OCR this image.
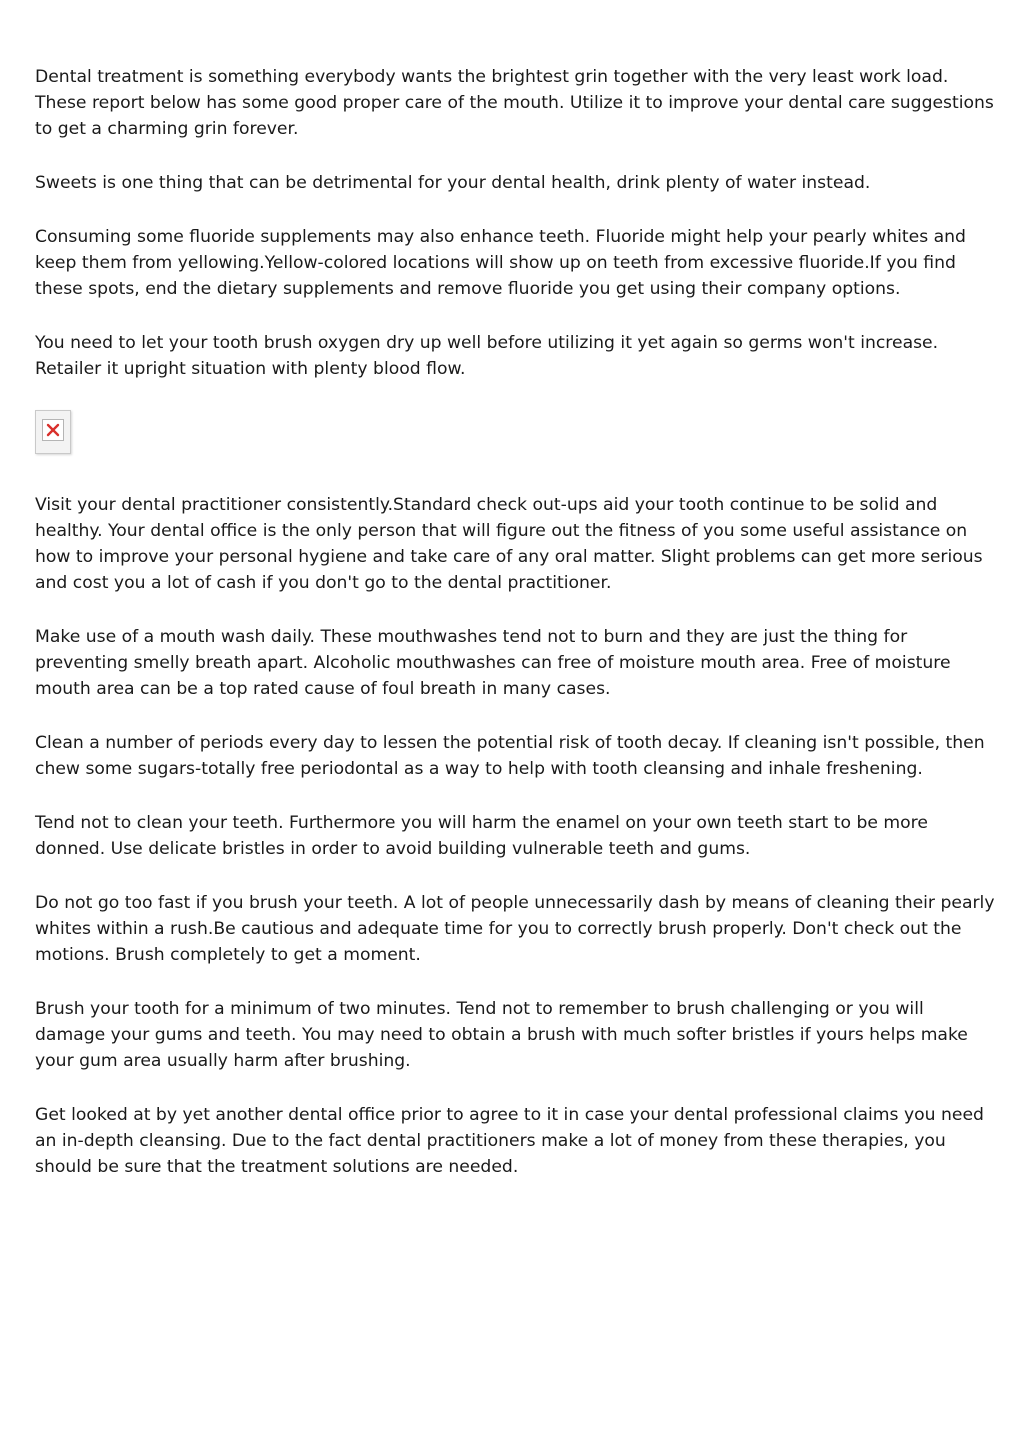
Dental treatment is something everybody wants the brightest grin together with the very least work load. These report below has some good proper care of the mouth. Utilize it to improve your dental care suggestions to get a charming grin forever.

Sweets is one thing that can be detrimental for your dental health, drink plenty of water instead.

Consuming some fluoride supplements may also enhance teeth. Fluoride might help your pearly whites and keep them from yellowing.Yellow-colored locations will show up on teeth from excessive fluoride.If you find these spots, end the dietary supplements and remove fluoride you get using their company options.

You need to let your tooth brush oxygen dry up well before utilizing it yet again so germs won't increase. Retailer it upright situation with plenty blood flow.

Visit your dental practitioner consistently.Standard check out-ups aid your tooth continue to be solid and healthy. Your dental office is the only person that will figure out the fitness of you some useful assistance on how to improve your personal hygiene and take care of any oral matter. Slight problems can get more serious and cost you a lot of cash if you don't go to the dental practitioner.

Make use of a mouth wash daily. These mouthwashes tend not to burn and they are just the thing for preventing smelly breath apart. Alcoholic mouthwashes can free of moisture mouth area. Free of moisture mouth area can be a top rated cause of foul breath in many cases.

Clean a number of periods every day to lessen the potential risk of tooth decay. If cleaning isn't possible, then chew some sugars-totally free periodontal as a way to help with tooth cleansing and inhale freshening.

Tend not to clean your teeth. Furthermore you will harm the enamel on your own teeth start to be more donned. Use delicate bristles in order to avoid building vulnerable teeth and gums.

Do not go too fast if you brush your teeth. A lot of people unnecessarily dash by means of cleaning their pearly whites within a rush.Be cautious and adequate time for you to correctly brush properly. Don't check out the motions. Brush completely to get a moment.

Brush your tooth for a minimum of two minutes. Tend not to remember to brush challenging or you will damage your gums and teeth. You may need to obtain a brush with much softer bristles if yours helps make your gum area usually harm after brushing.

Get looked at by yet another dental office prior to agree to it in case your dental professional claims you need an in-depth cleansing. Due to the fact dental practitioners make a lot of money from these therapies, you should be sure that the treatment solutions are needed.
